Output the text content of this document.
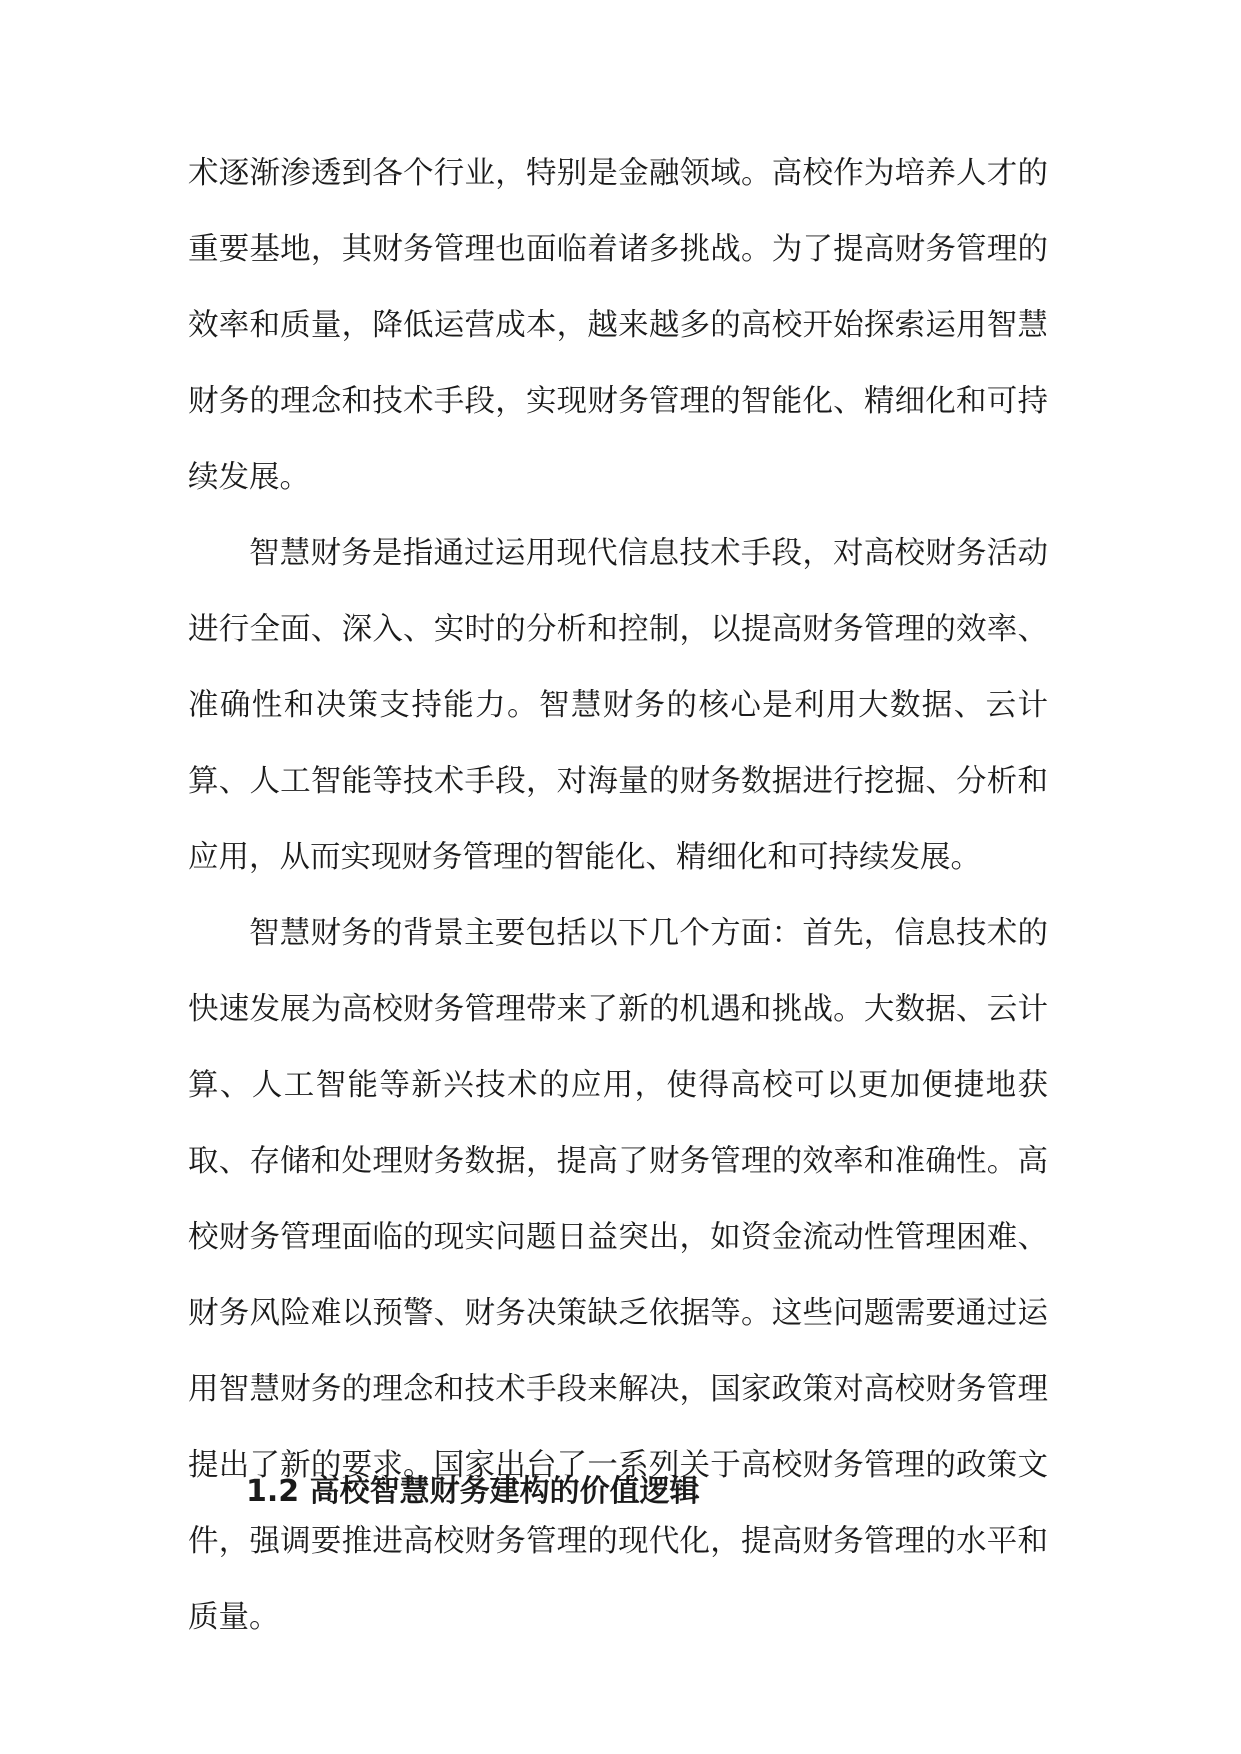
术逐渐渗透到各个行业，特别是金融领域。高校作为培养人才的重要基地，其财务管理也面临着诸多挑战。为了提高财务管理的效率和质量，降低运营成本，越来越多的高校开始探索运用智慧财务的理念和技术手段，实现财务管理的智能化、精细化和可持续发展。

智慧财务是指通过运用现代信息技术手段，对高校财务活动进行全面、深入、实时的分析和控制，以提高财务管理的效率、准确性和决策支持能力。智慧财务的核心是利用大数据、云计算、人工智能等技术手段，对海量的财务数据进行挖掘、分析和应用，从而实现财务管理的智能化、精细化和可持续发展。

智慧财务的背景主要包括以下几个方面：首先，信息技术的快速发展为高校财务管理带来了新的机遇和挑战。大数据、云计算、人工智能等新兴技术的应用，使得高校可以更加便捷地获取、存储和处理财务数据，提高了财务管理的效率和准确性。高校财务管理面临的现实问题日益突出，如资金流动性管理困难、财务风险难以预警、财务决策缺乏依据等。这些问题需要通过运用智慧财务的理念和技术手段来解决，国家政策对高校财务管理提出了新的要求。国家出台了一系列关于高校财务管理的政策文件，强调要推进高校财务管理的现代化，提高财务管理的水平和质量。

1.2 高校智慧财务建构的价值逻辑
